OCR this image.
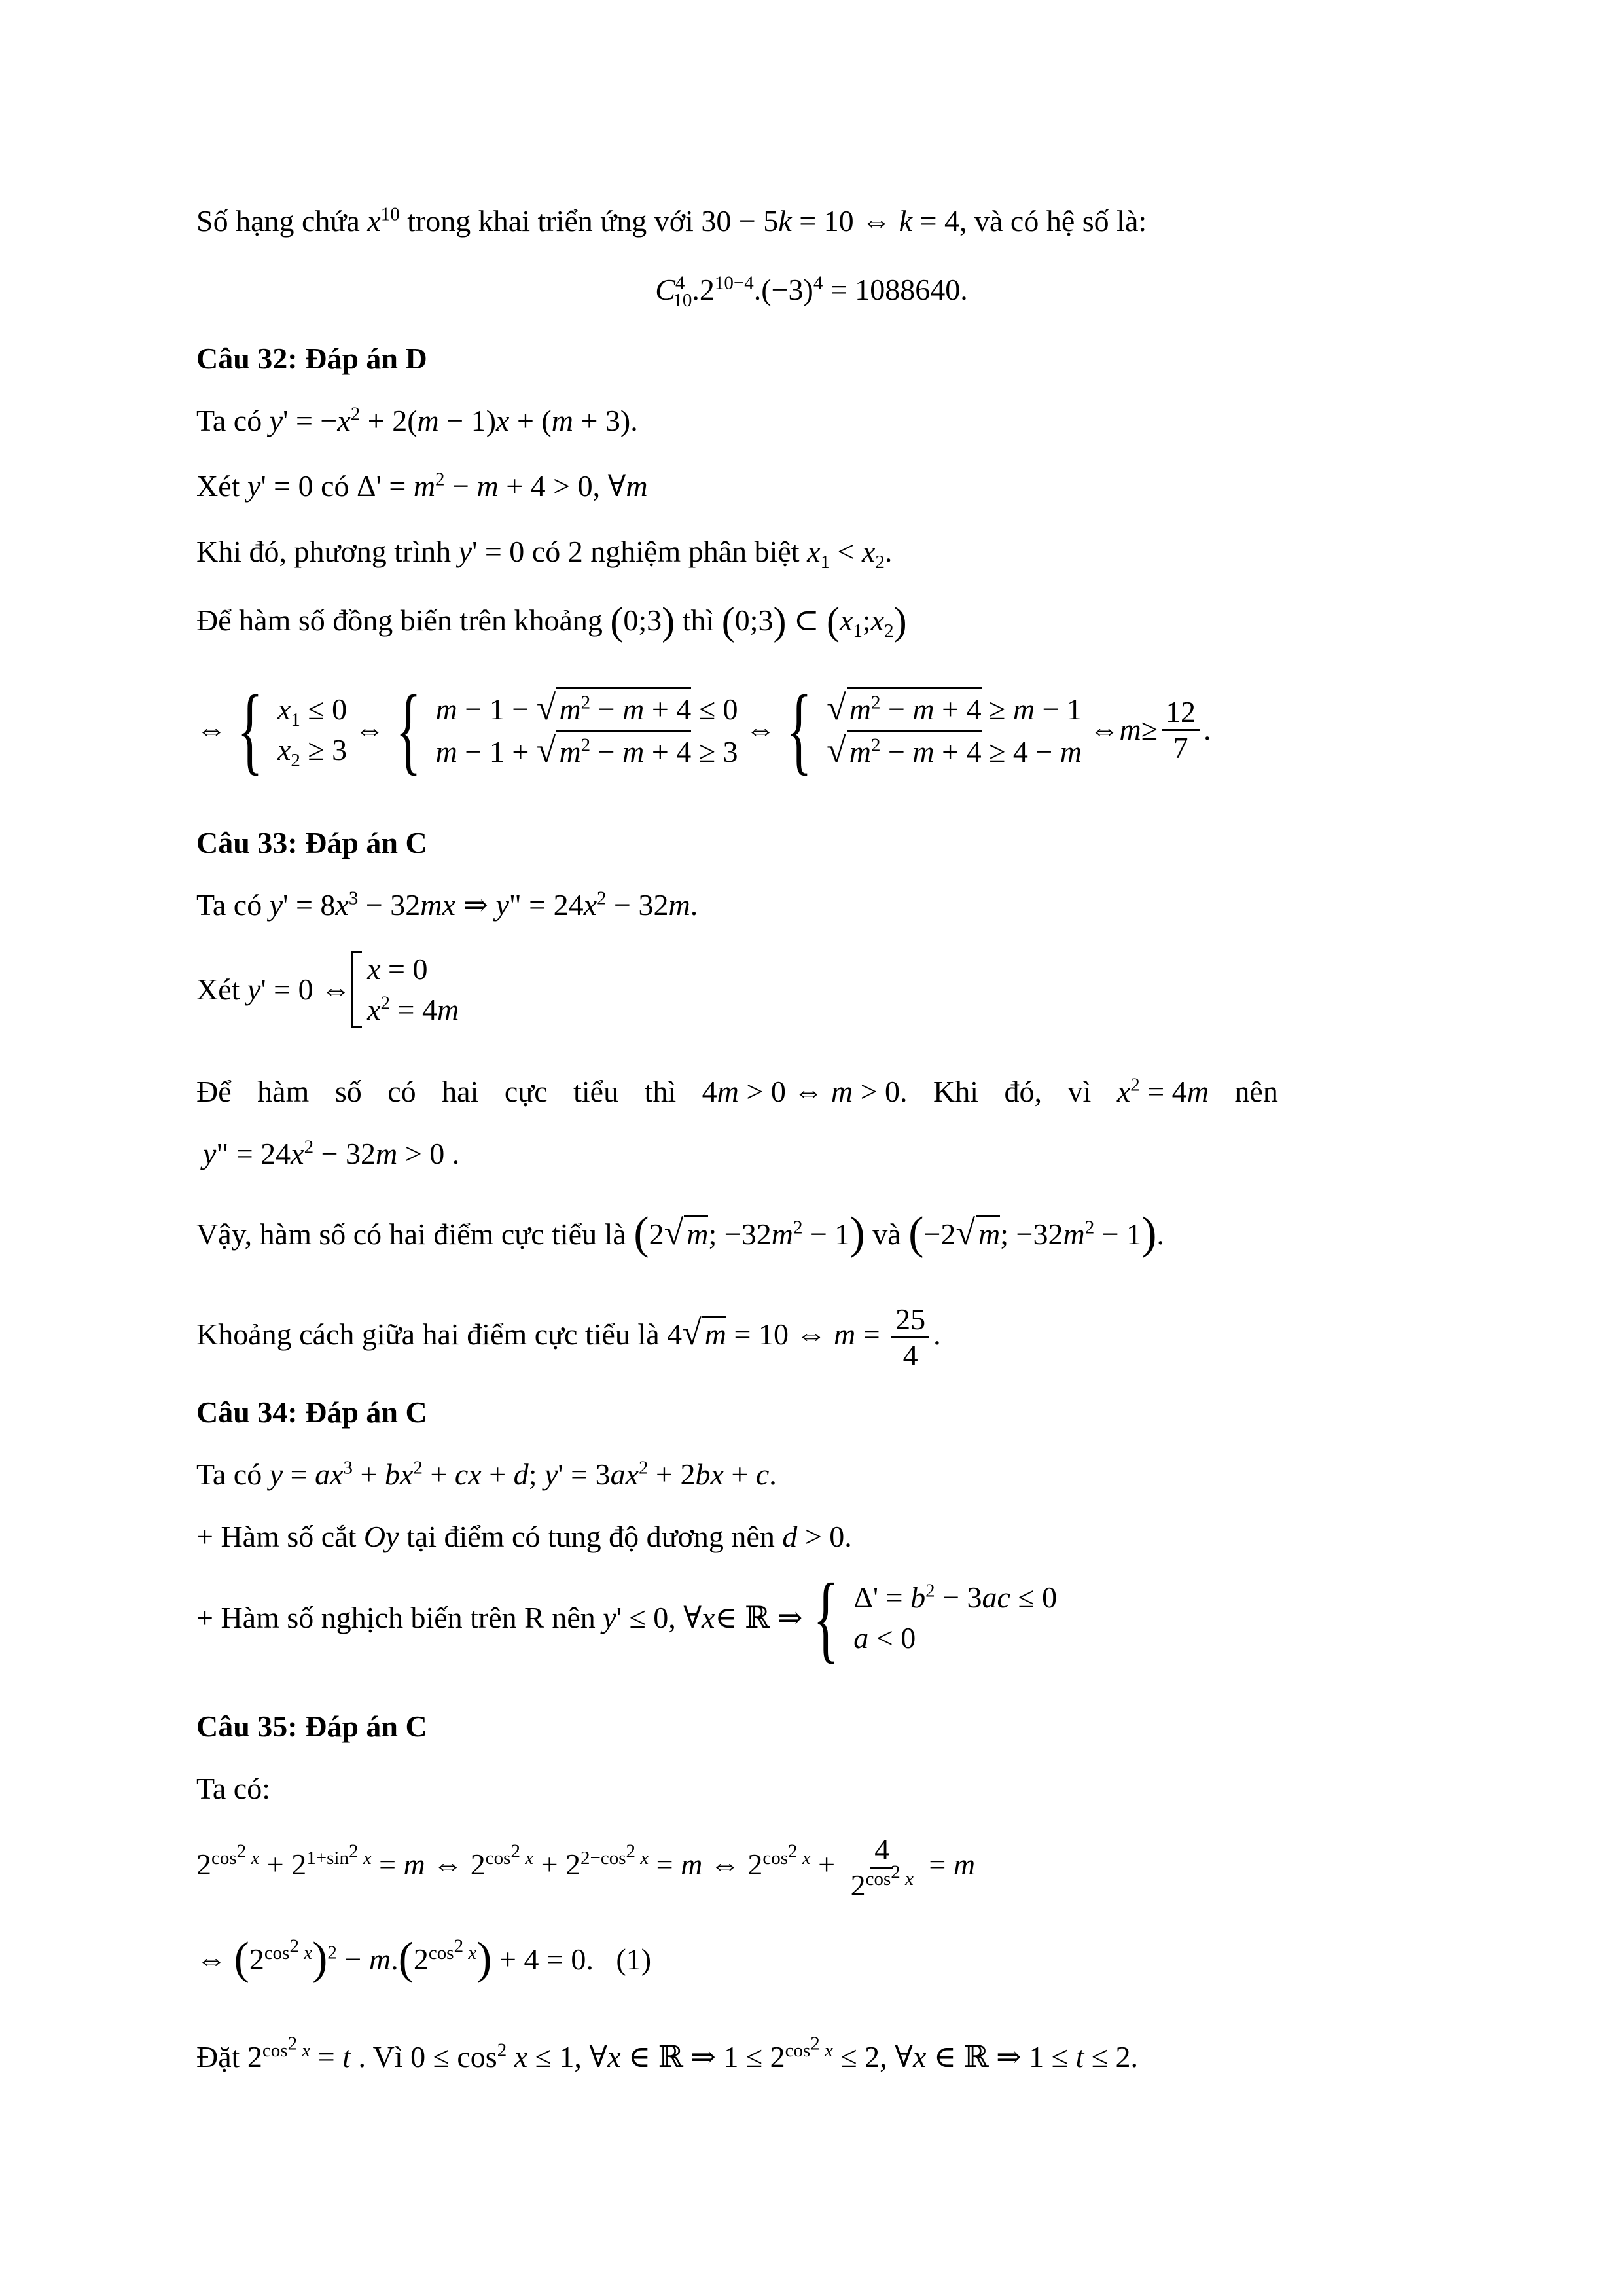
Số hạng chứa $x^{10}$ trong khai triển ứng với 30 − 5k = 10 ⇔ k = 4, và có hệ số là:
$C^4_{10}.2^{10-4}.(-3)^4 = 1088640$.
Câu 32: Đáp án D
Ta có $y' = -x^2 + 2(m - 1)x + (m + 3)$.
Xét y' = 0 có $\Delta' = m^2 - m + 4 > 0$, ∀m
Khi đó, phương trình y' = 0 có 2 nghiệm phân biệt $x_1 < x_2$.
Để hàm số đồng biến trên khoảng (0;3) thì (0;3) ⊂ $(x_1;x_2)$
⇔ { $x_1 \le 0$
$x_2 \ge 3$
⇔ { m − 1 − √ $m^2 - m + 4 \le 0$
m − 1 + √ $m^2 - m + 4 \ge 3$
⇔ { √ $m^2 - m + 4 \ge m - 1$
√ $m^2 - m + 4 \ge 4 - m$
⇔ $m \ge \frac{12}{7}$ .
Câu 33: Đáp án C
Ta có $y' = 8x^3 - 32mx$ ⇒ y" = $24x^2 - 32m$.
Xét y ' = 0 ⇔
x = 0
$x^2 = 4m$
Để hàm số có hai cực tiểu thì 4m > 0 ⇔ m > 0. Khi đó, vì $x^2 = 4m$ nên
y" = $24x^2 - 32m > 0$ .
Vậy, hàm số có hai điểm cực tiểu là (2√ m; $-32m^2 - 1$) và (−2√ m; $-32m^2 - 1$).
Khoảng cách giữa hai điểm cực tiểu là 4√ m = 10 ⇔ $m = \frac{25}{4}$ .
Câu 34: Đáp án C
Ta có $y = ax^3 + bx^2$ + cx + d; $y' = 3ax^2 + 2bx + c$.
+ Hàm số cắt Oy tại điểm có tung độ dương nên d > 0.
+ Hàm số nghịch biến trên R nên y ' ≤ 0, ∀ x ∈ ℝ ⇒ { $\Delta' = b^2 - 3ac \le 0$
a < 0
Câu 35: Đáp án C
Ta có:
$2^{cos^2 x} + 2^{1+sin^2 x} = m$ ⇔ $2^{cos^2 x} + 2^{2-cos^2 x} = m$ ⇔ $2^{cos^2 x} + \frac{4}{2^{cos^2 x}} = m$
⇔ $(2^{cos^2 x})^2 - m.(2^{cos^2 x}) + 4 = 0$.   (1)
Đặt $2^{cos^2 x} = t$ . Vì $0 \le \cos^2 x \le 1$, ∀x ∈ ℝ ⇒ $1 \le 2^{cos^2 x} \le 2$, ∀x ∈ ℝ ⇒ 1 ≤ t ≤ 2.
